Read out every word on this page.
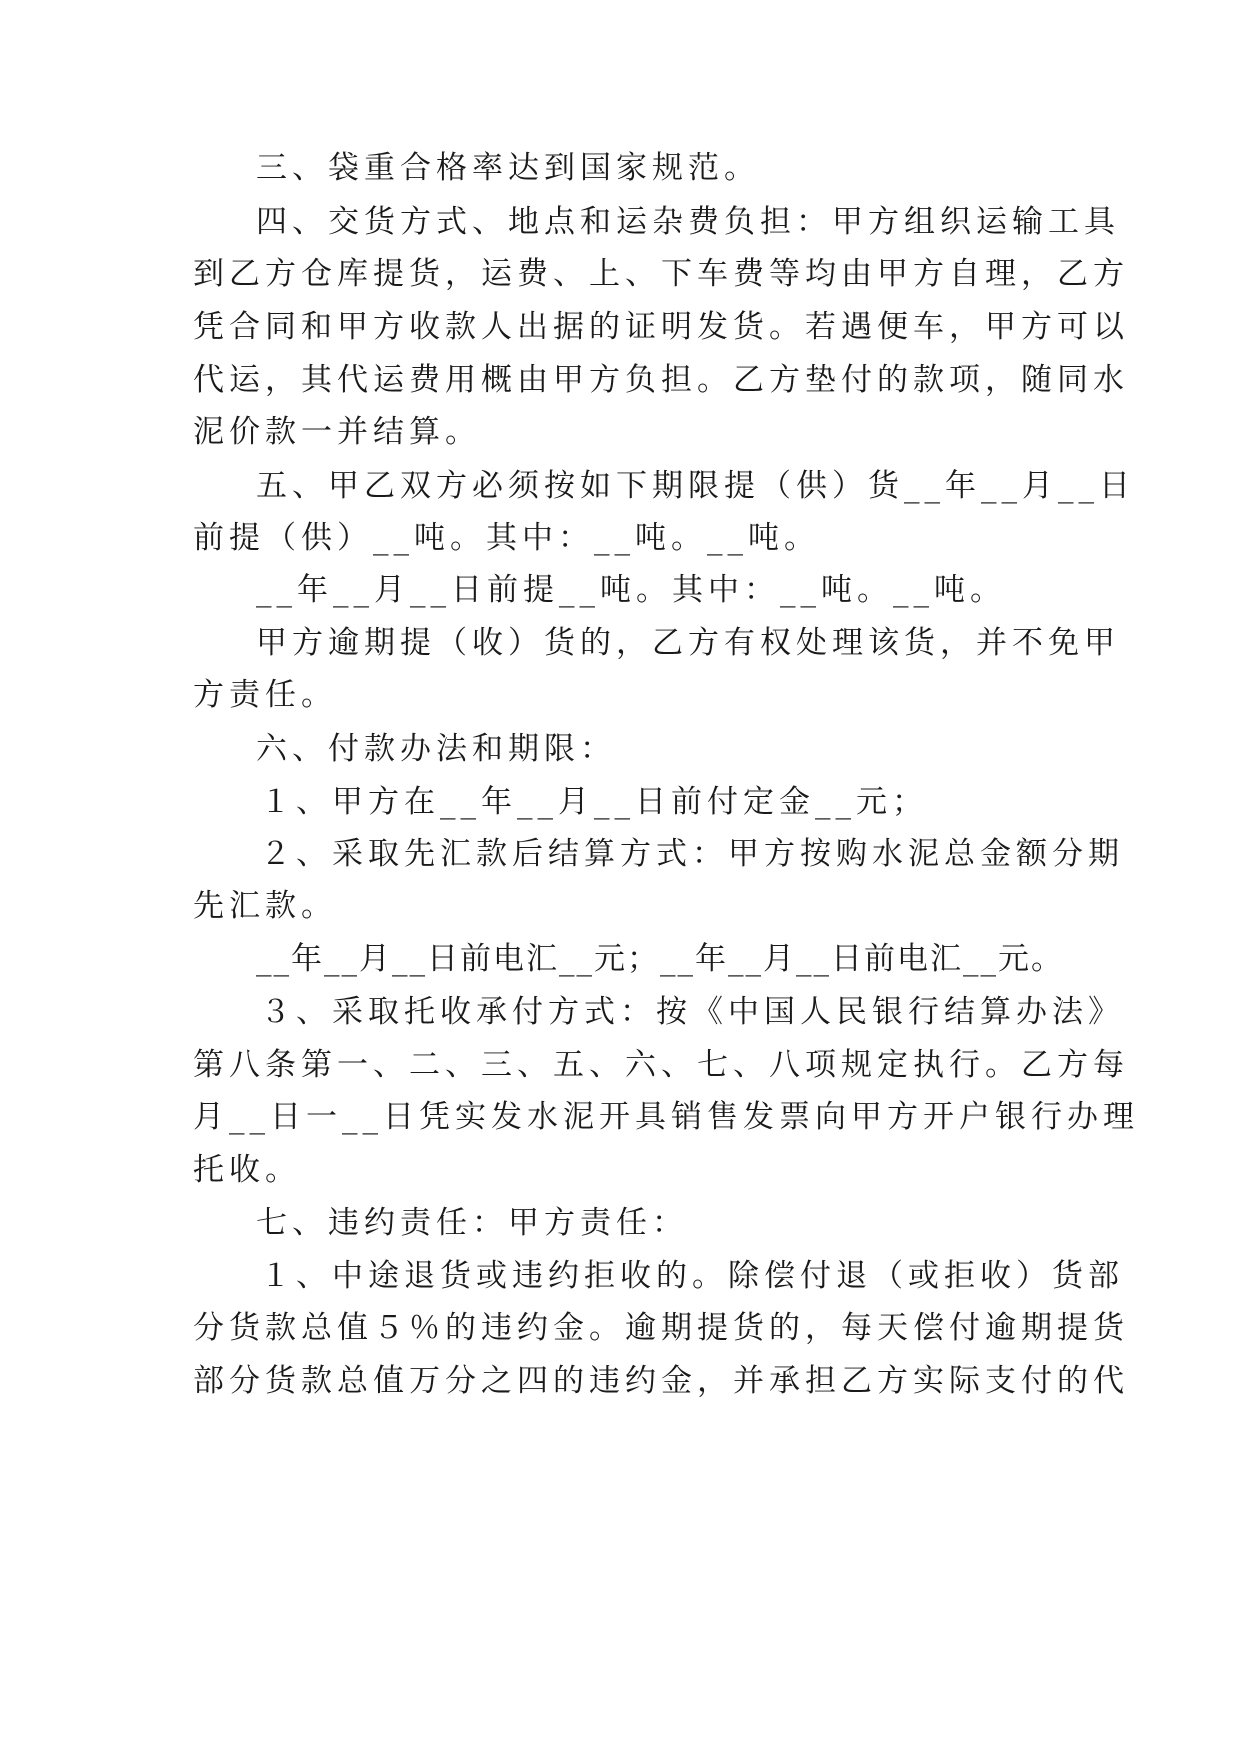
三、袋重合格率达到国家规范。
四、交货方式、地点和运杂费负担：甲方组织运输工具
到乙方仓库提货，运费、上、下车费等均由甲方自理，乙方
凭合同和甲方收款人出据的证明发货。若遇便车，甲方可以
代运，其代运费用概由甲方负担。乙方垫付的款项，随同水
泥价款一并结算。
五、甲乙双方必须按如下期限提（供）货__年__月__日
前提（供）__吨。其中：__吨。__吨。
__年__月__日前提__吨。其中：__吨。__吨。
甲方逾期提（收）货的，乙方有权处理该货，并不免甲
方责任。
六、付款办法和期限：
１、甲方在__年__月__日前付定金__元；
２、采取先汇款后结算方式：甲方按购水泥总金额分期
先汇款。
__年__月__日前电汇__元；__年__月__日前电汇__元。
３、采取托收承付方式：按《中国人民银行结算办法》
第八条第一、二、三、五、六、七、八项规定执行。乙方每
月__日一__日凭实发水泥开具销售发票向甲方开户银行办理
托收。
七、违约责任：甲方责任：
１、中途退货或违约拒收的。除偿付退（或拒收）货部
分货款总值５％的违约金。逾期提货的，每天偿付逾期提货
部分货款总值万分之四的违约金，并承担乙方实际支付的代
